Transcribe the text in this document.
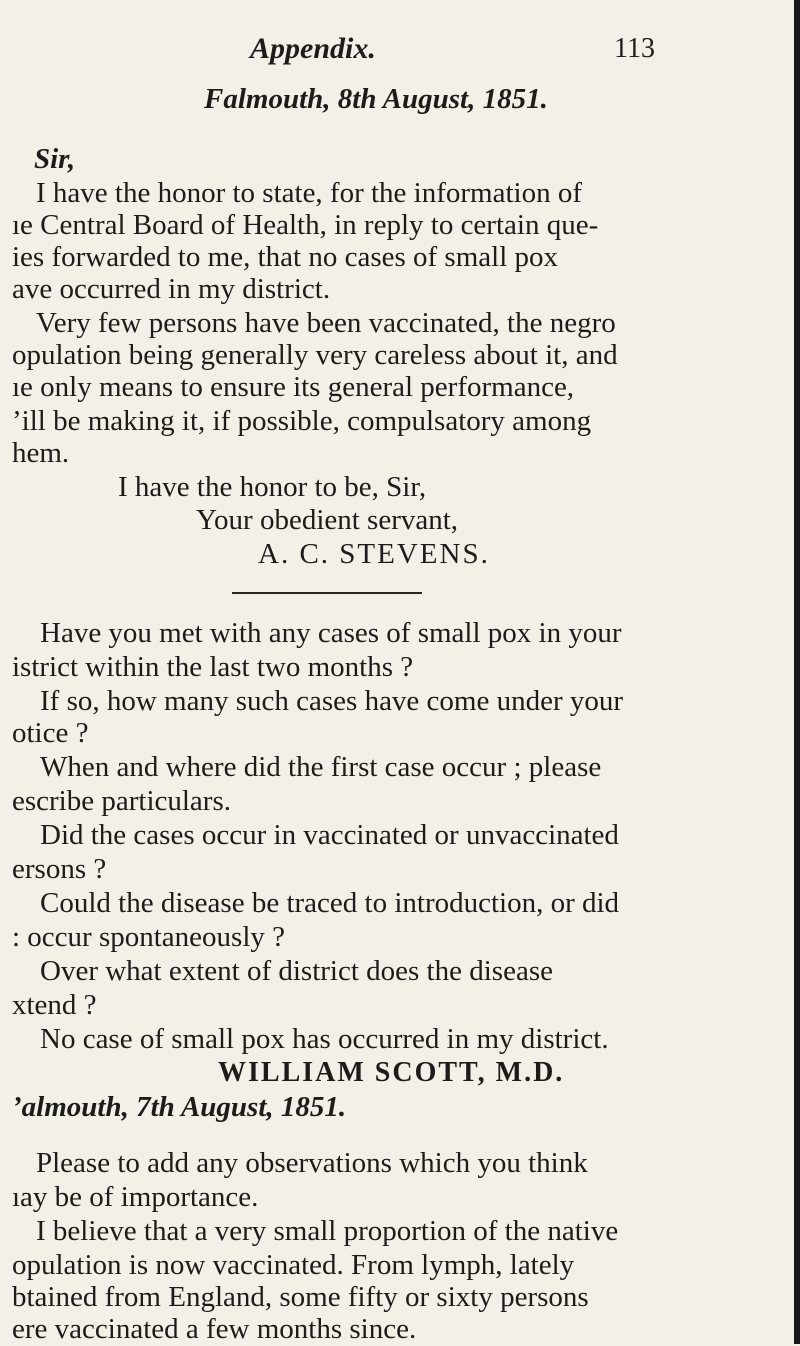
Appendix.	113
Falmouth, 8th August, 1851.
Sir,
I have the honor to state, for the information of
ıe Central Board of Health, in reply to certain que-
ies forwarded to me, that no cases of small pox
ave occurred in my district.
Very few persons have been vaccinated, the negro
opulation being generally very careless about it, and
ıe only means to ensure its general performance,
’ill be making it, if possible, compulsatory among
hem.
I have the honor to be, Sir,
Your obedient servant,
A. C. STEVENS.
Have you met with any cases of small pox in your
istrict within the last two months ?
If so, how many such cases have come under your
otice ?
When and where did the first case occur ; please
escribe particulars.
Did the cases occur in vaccinated or unvaccinated
ersons ?
Could the disease be traced to introduction, or did
: occur spontaneously ?
Over what extent of district does the disease
xtend ?
No case of small pox has occurred in my district.
WILLIAM SCOTT, M.D.
’almouth, 7th August, 1851.
Please to add any observations which you think
ıay be of importance.
I believe that a very small proportion of the native
opulation is now vaccinated. From lymph, lately
btained from England, some fifty or sixty persons
ere vaccinated a few months since.
